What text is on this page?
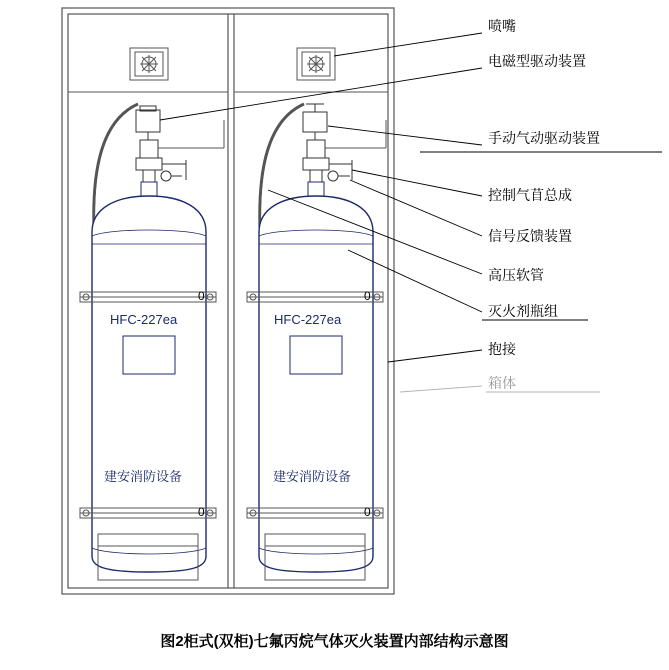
喷嘴
电磁型驱动装置
手动气动驱动装置
控制气苜总成
信号反馈装置
高压软管
灭火剂瓶组
抱接
箱体
HFC-227ea	HFC-227ea
建安消防设备	建安消防设备
0
0
0
0
图2柜式(双柜)七氟丙烷气体灭火装置内部结构示意图
